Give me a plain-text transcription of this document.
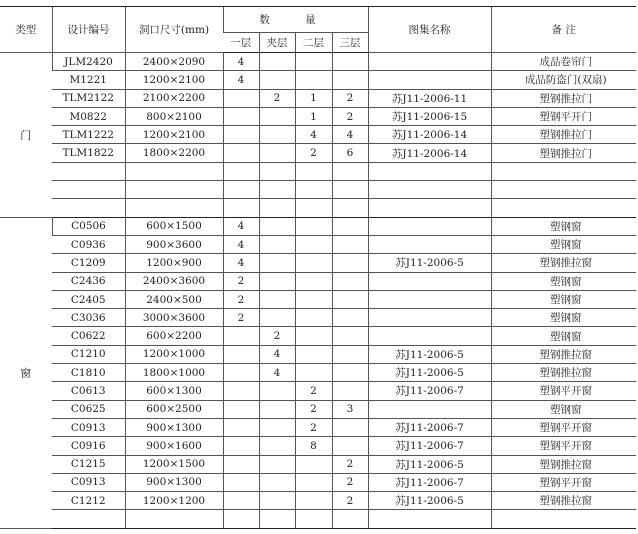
类型	设计编号	洞口尺寸(mm)	数 量				图集名称	备 注
			一层	夹层	二层	三层		
门	JLM2420	2400×2090	4					成品卷帘门
	M1221	1200×2100	4					成品防盗门(双扇)
	TLM2122	2100×2200		2	1	2	苏J11-2006-11	塑钢推拉门
	M0822	800×2100			1	2	苏J11-2006-15	塑钢平开门
	TLM1222	1200×2100			4	4	苏J11-2006-14	塑钢推拉门
	TLM1822	1800×2200			2	6	苏J11-2006-14	塑钢推拉门

窗	C0506	600×1500	4					塑钢窗
	C0936	900×3600	4					塑钢窗
	C1209	1200×900	4				苏J11-2006-5	塑钢推拉窗
	C2436	2400×3600	2					塑钢窗
	C2405	2400×500	2					塑钢窗
	C3036	3000×3600	2					塑钢窗
	C0622	600×2200		2				塑钢窗
	C1210	1200×1000		4			苏J11-2006-5	塑钢推拉窗
	C1810	1800×1000		4			苏J11-2006-5	塑钢推拉窗
	C0613	600×1300			2		苏J11-2006-7	塑钢平开窗
	C0625	600×2500			2	3		塑钢窗
	C0913	900×1300			2		苏J11-2006-7	塑钢平开窗
	C0916	900×1600			8		苏J11-2006-7	塑钢平开窗
	C1215	1200×1500				2	苏J11-2006-5	塑钢推拉窗
	C0913	900×1300				2	苏J11-2006-7	塑钢平开窗
	C1212	1200×1200				2	苏J11-2006-5	塑钢推拉窗
